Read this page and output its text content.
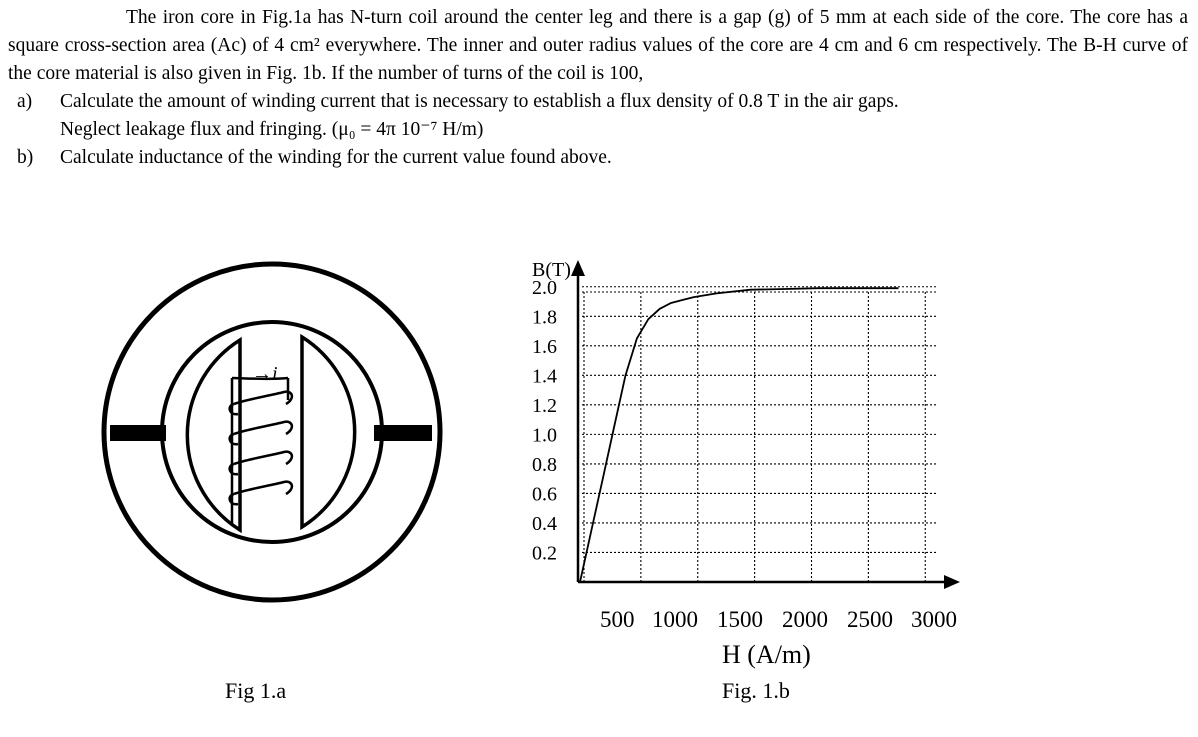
The iron core in Fig.1a has N-turn coil around the center leg and there is a gap (g) of 5 mm at each side of the core. The core has a square cross-section area (Ac) of 4 cm² everywhere. The inner and outer radius values of the core are 4 cm and 6 cm respectively. The B-H curve of the core material is also given in Fig. 1b. If the number of turns of the coil is 100,

a)	Calculate the amount of winding current that is necessary to establish a flux density of 0.8 T in the air gaps.
Neglect leakage flux and fringing. (μ₀ = 4π 10⁻⁷ H/m)
b)	Calculate inductance of the winding for the current value found above.
→i
Fig 1.a
2.0
1.8
1.6
1.4
1.2
1.0
0.8
0.6
0.4
0.2
500 1000 1500 2000 2500 3000
B(T)
H (A/m)
Fig. 1.b
